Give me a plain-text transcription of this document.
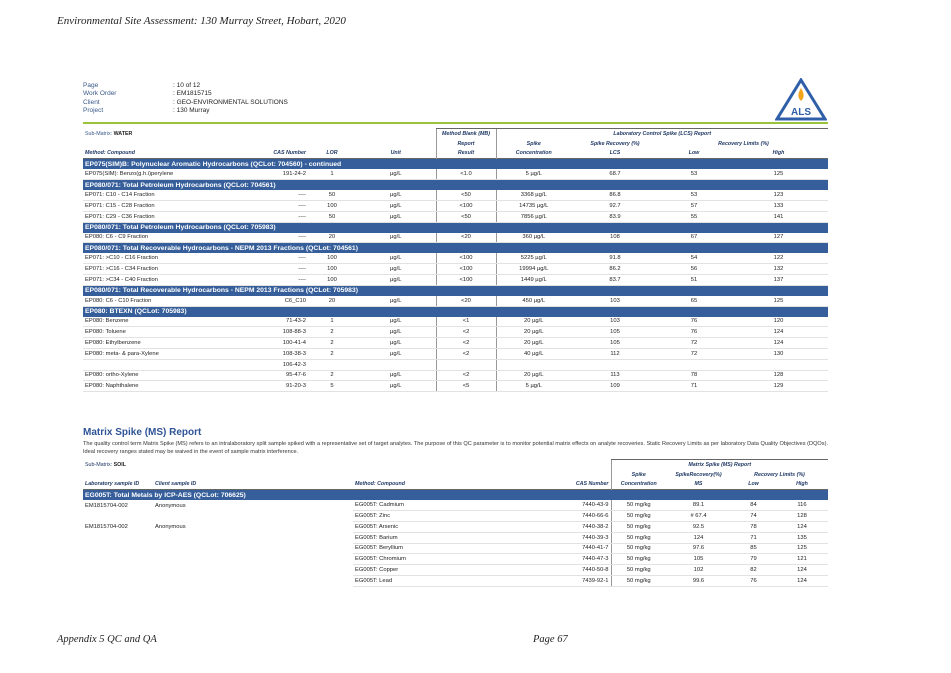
Environmental Site Assessment: 130 Murray Street, Hobart, 2020
Page	: 10 of 12
Work Order	: EM1815715
Client	: GEO-ENVIRONMENTAL SOLUTIONS
Project	: 130 Murray	ALS
Sub-Matrix: WATER				Method Blank (MB)	Laboratory Control Spike (LCS) Report			
				Report	Spike	Spike Recovery (%)	Recovery Limits (%)	
Method: Compound	CAS Number	LOR	Unit	Result	Concentration	LCS	Low	High
EP075(SIM)B: Polynuclear Aromatic Hydrocarbons (QCLot: 704560) - continued								
EP075(SIM): Benzo(g.h.i)perylene	191-24-2	1	µg/L	<1.0	5 µg/L	68.7	53	125
EP080/071: Total Petroleum Hydrocarbons (QCLot: 704561)								
EP071: C10 - C14 Fraction	----	50	µg/L	<50	3368 µg/L	86.8	53	123
EP071: C15 - C28 Fraction	----	100	µg/L	<100	14735 µg/L	92.7	57	133
EP071: C29 - C36 Fraction	----	50	µg/L	<50	7856 µg/L	83.9	55	141
EP080/071: Total Petroleum Hydrocarbons (QCLot: 705983)								
EP080: C6 - C9 Fraction	----	20	µg/L	<20	360 µg/L	108	67	127
EP080/071: Total Recoverable Hydrocarbons - NEPM 2013 Fractions (QCLot: 704561)								
EP071: >C10 - C16 Fraction	----	100	µg/L	<100	5225 µg/L	91.8	54	122
EP071: >C16 - C34 Fraction	----	100	µg/L	<100	19994 µg/L	86.2	56	132
EP071: >C34 - C40 Fraction	----	100	µg/L	<100	1449 µg/L	83.7	51	137
EP080/071: Total Recoverable Hydrocarbons - NEPM 2013 Fractions (QCLot: 705983)								
EP080: C6 - C10 Fraction	C6_C10	20	µg/L	<20	450 µg/L	103	65	125
EP080: BTEXN (QCLot: 705983)								
EP080: Benzene	71-43-2	1	µg/L	<1	20 µg/L	103	76	120
EP080: Toluene	108-88-3	2	µg/L	<2	20 µg/L	105	76	124
EP080: Ethylbenzene	100-41-4	2	µg/L	<2	20 µg/L	105	72	124
EP080: meta- & para-Xylene	108-38-3	2	µg/L	<2	40 µg/L	112	72	130
	106-42-3							
EP080: ortho-Xylene	95-47-6	2	µg/L	<2	20 µg/L	113	78	128
EP080: Naphthalene	91-20-3	5	µg/L	<5	5 µg/L	109	71	129
Matrix Spike (MS) Report
The quality control term Matrix Spike (MS) refers to an intralaboratory split sample spiked with a representative set of target analytes. The purpose of this QC parameter is to monitor potential matrix effects on analyte recoveries. Static Recovery Limits as per laboratory Data Quality Objectives (DQOs). Ideal recovery ranges stated may be waived in the event of sample matrix interference.
Sub-Matrix: SOIL				Matrix Spike (MS) Report			
				Spike	SpikeRecovery(%)	Recovery Limits (%)	
Laboratory sample ID	Client sample ID	Method: Compound	CAS Number	Concentration	MS	Low	High
EG005T: Total Metals by ICP-AES (QCLot: 706625)							
EM1815704-002	Anonymous	EG005T: Cadmium	7440-43-9	50 mg/kg	89.1	84	116
		EG005T: Zinc	7440-66-6	50 mg/kg	# 67.4	74	128
EM1815704-002	Anonymous	EG005T: Arsenic	7440-38-2	50 mg/kg	92.5	78	124
		EG005T: Barium	7440-39-3	50 mg/kg	124	71	135
		EG005T: Beryllium	7440-41-7	50 mg/kg	97.6	85	125
		EG005T: Chromium	7440-47-3	50 mg/kg	105	79	121
		EG005T: Copper	7440-50-8	50 mg/kg	102	82	124
		EG005T: Lead	7439-92-1	50 mg/kg	99.6	76	124
Appendix 5 QC and QA	Page 67
